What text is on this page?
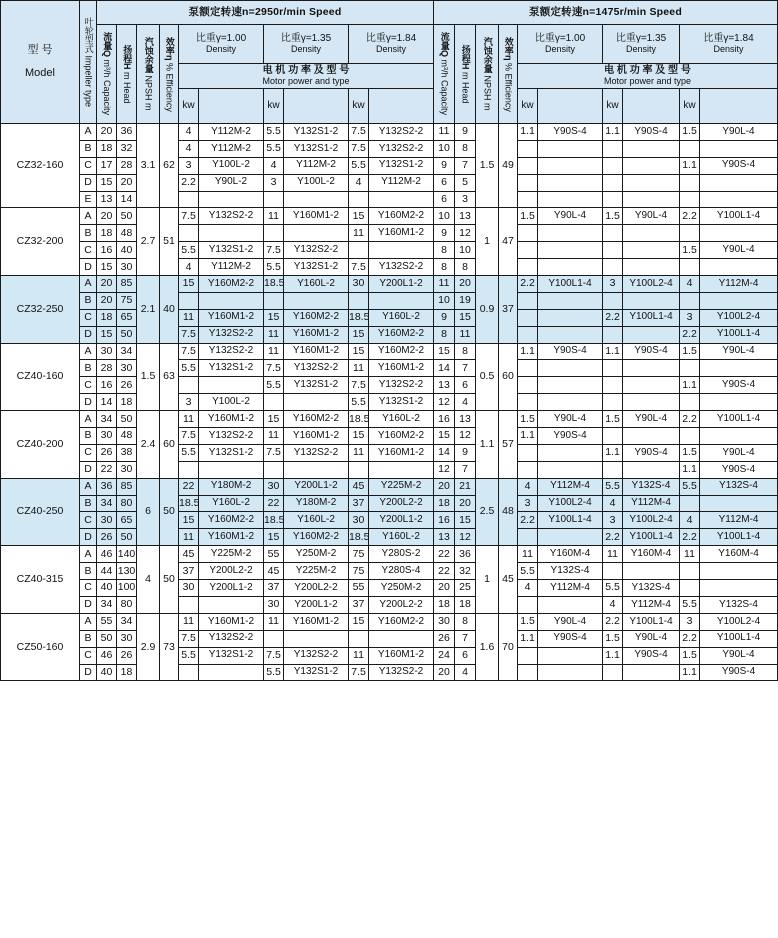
型 号

Model	叶轮型式 Impeller type	泵额定转速n=2950r/min Speed										泵额定转速n=1475r/min Speed									
		流量Q m³/h Capacity	扬程H m Head	汽蚀余量 NPSH m	效率η % Efficiency	比重γ=1.00
Density		比重γ=1.35
Density		比重γ=1.84
Density		流量Q m³/h Capacity	扬程H m Head	汽蚀余量 NPSH m	效率η % Efficiency	比重γ=1.00
Density		比重γ=1.35
Density		比重γ=1.84
Density	

						电 机 功 率 及 型 号
Motor power and type										电 机 功 率 及 型 号
Motor power and type					

						kw		kw		kw						kw		kw		kw	
CZ32-160	A	20	36	3.1	62	4	Y112M-2	5.5	Y132S1-2	7.5	Y132S2-2	11	9	1.5	49	1.1	Y90S-4	1.1	Y90S-4	1.5	Y90L-4
	B	18	32			4	Y112M-2	5.5	Y132S1-2	7.5	Y132S2-2	10	8								
	C	17	28			3	Y100L-2	4	Y112M-2	5.5	Y132S1-2	9	7							1.1	Y90S-4
	D	15	20			2.2	Y90L-2	3	Y100L-2	4	Y112M-2	6	5								
	E	13	14									6	3								
CZ32-200	A	20	50	2.7	51	7.5	Y132S2-2	11	Y160M1-2	15	Y160M2-2	10	13	1	47	1.5	Y90L-4	1.5	Y90L-4	2.2	Y100L1-4
	B	18	48							11	Y160M1-2	9	12								
	C	16	40			5.5	Y132S1-2	7.5	Y132S2-2			8	10							1.5	Y90L-4
	D	15	30			4	Y112M-2	5.5	Y132S1-2	7.5	Y132S2-2	8	8								
CZ32-250	A	20	85	2.1	40	15	Y160M2-2	18.5	Y160L-2	30	Y200L1-2	11	20	0.9	37	2.2	Y100L1-4	3	Y100L2-4	4	Y112M-4
	B	20	75									10	19								
	C	18	65			11	Y160M1-2	15	Y160M2-2	18.5	Y160L-2	9	15					2.2	Y100L1-4	3	Y100L2-4
	D	15	50			7.5	Y132S2-2	11	Y160M1-2	15	Y160M2-2	8	11							2.2	Y100L1-4
CZ40-160	A	30	34	1.5	63	7.5	Y132S2-2	11	Y160M1-2	15	Y160M2-2	15	8	0.5	60	1.1	Y90S-4	1.1	Y90S-4	1.5	Y90L-4
	B	28	30			5.5	Y132S1-2	7.5	Y132S2-2	11	Y160M1-2	14	7								
	C	16	26					5.5	Y132S1-2	7.5	Y132S2-2	13	6							1.1	Y90S-4
	D	14	18			3	Y100L-2			5.5	Y132S1-2	12	4								
CZ40-200	A	34	50	2.4	60	11	Y160M1-2	15	Y160M2-2	18.5	Y160L-2	16	13	1.1	57	1.5	Y90L-4	1.5	Y90L-4	2.2	Y100L1-4
	B	30	48			7.5	Y132S2-2	11	Y160M1-2	15	Y160M2-2	15	12			1.1	Y90S-4				
	C	26	38			5.5	Y132S1-2	7.5	Y132S2-2	11	Y160M1-2	14	9					1.1	Y90S-4	1.5	Y90L-4
	D	22	30									12	7							1.1	Y90S-4
CZ40-250	A	36	85	6	50	22	Y180M-2	30	Y200L1-2	45	Y225M-2	20	21	2.5	48	4	Y112M-4	5.5	Y132S-4	5.5	Y132S-4
	B	34	80			18.5	Y160L-2	22	Y180M-2	37	Y200L2-2	18	20			3	Y100L2-4	4	Y112M-4		
	C	30	65			15	Y160M2-2	18.5	Y160L-2	30	Y200L1-2	16	15			2.2	Y100L1-4	3	Y100L2-4	4	Y112M-4
	D	26	50			11	Y160M1-2	15	Y160M2-2	18.5	Y160L-2	13	12					2.2	Y100L1-4	2.2	Y100L1-4
CZ40-315	A	46	140	4	50	45	Y225M-2	55	Y250M-2	75	Y280S-2	22	36	1	45	11	Y160M-4	11	Y160M-4	11	Y160M-4
	B	44	130			37	Y200L2-2	45	Y225M-2	75	Y280S-4	22	32			5.5	Y132S-4				
	C	40	100			30	Y200L1-2	37	Y200L2-2	55	Y250M-2	20	25			4	Y112M-4	5.5	Y132S-4		
	D	34	80					30	Y200L1-2	37	Y200L2-2	18	18					4	Y112M-4	5.5	Y132S-4
CZ50-160	A	55	34	2.9	73	11	Y160M1-2	11	Y160M1-2	15	Y160M2-2	30	8	1.6	70	1.5	Y90L-4	2.2	Y100L1-4	3	Y100L2-4
	B	50	30			7.5	Y132S2-2					26	7			1.1	Y90S-4	1.5	Y90L-4	2.2	Y100L1-4
	C	46	26			5.5	Y132S1-2	7.5	Y132S2-2	11	Y160M1-2	24	6					1.1	Y90S-4	1.5	Y90L-4
	D	40	18					5.5	Y132S1-2	7.5	Y132S2-2	20	4							1.1	Y90S-4
